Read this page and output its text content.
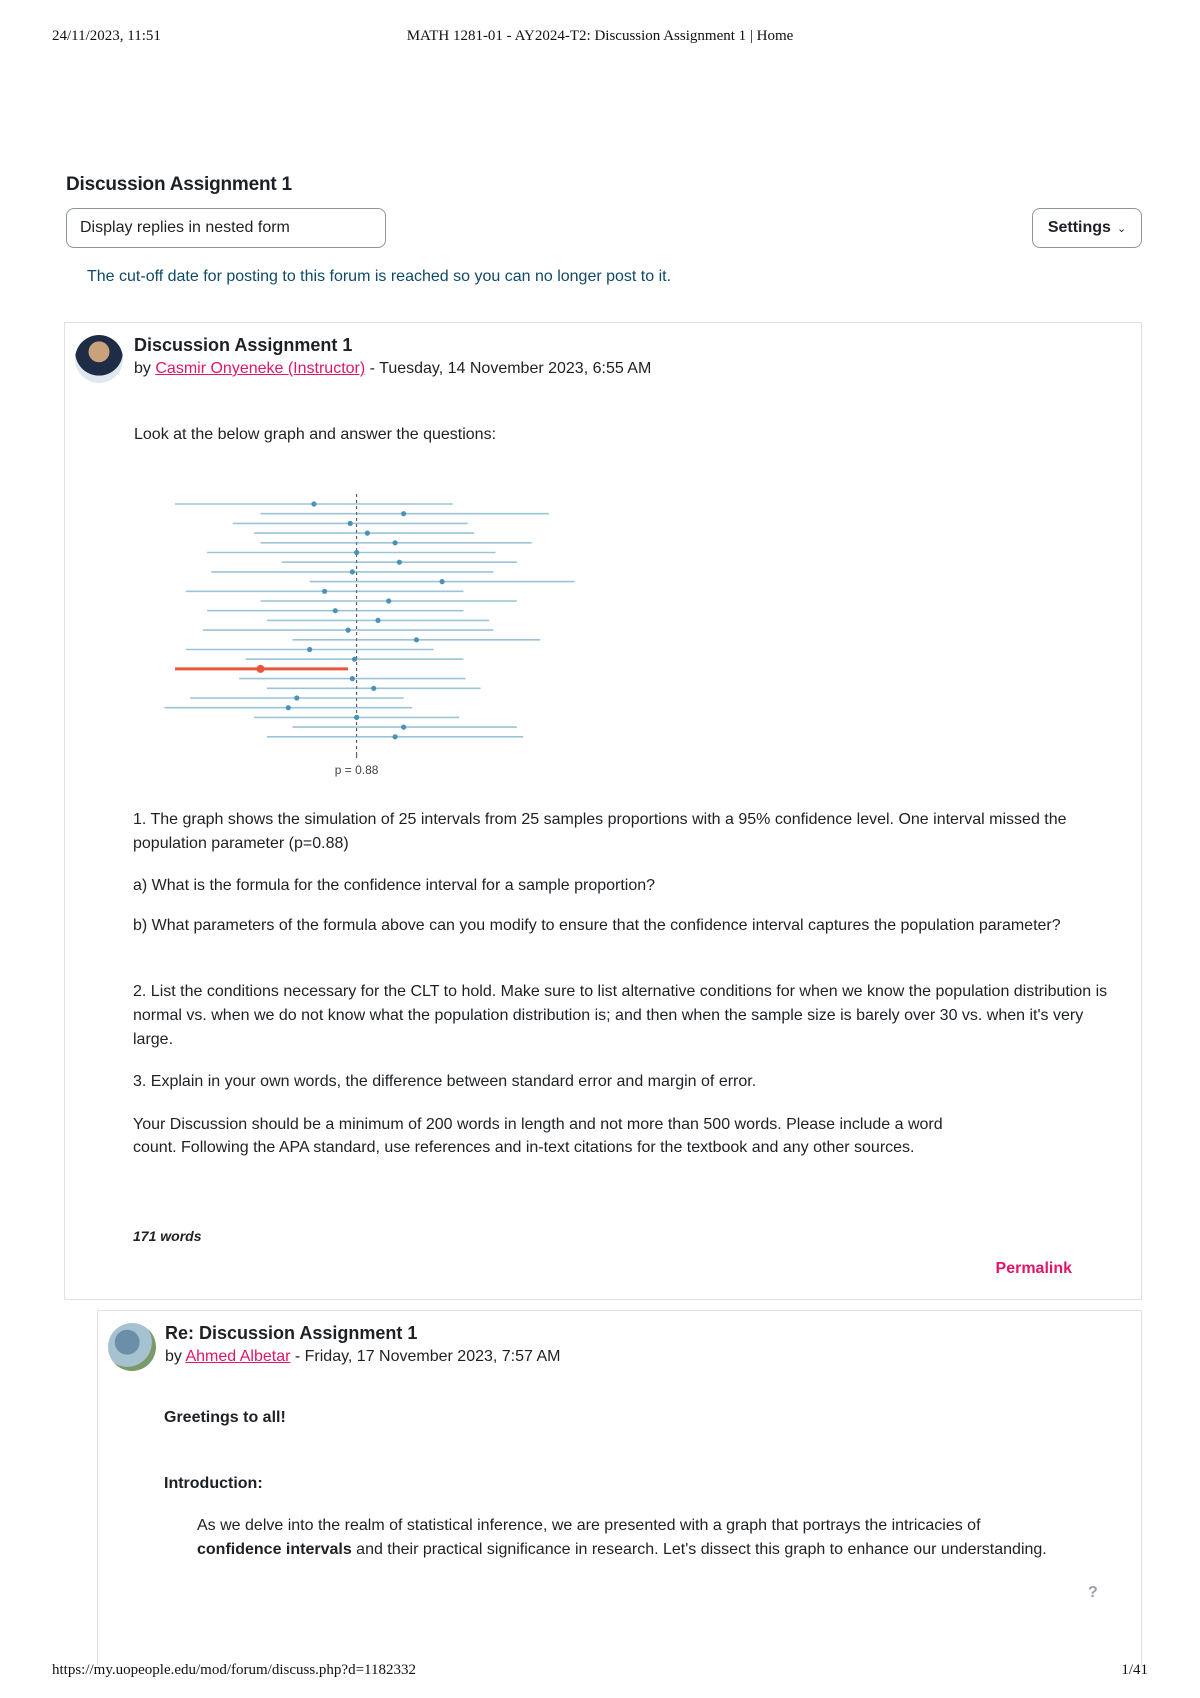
24/11/2023, 11:51	MATH 1281-01 - AY2024-T2: Discussion Assignment 1 | Home
Discussion Assignment 1
Display replies in nested form	Settings ⌄
The cut-off date for posting to this forum is reached so you can no longer post to it.
Discussion Assignment 1
by Casmir Onyeneke (Instructor) - Tuesday, 14 November 2023, 6:55 AM
Look at the below graph and answer the questions:
p = 0.88
1. The graph shows the simulation of 25 intervals from 25 samples proportions with a 95% confidence level. One interval missed the population parameter (p=0.88)
a) What is the formula for the confidence interval for a sample proportion?
b) What parameters of the formula above can you modify to ensure that the confidence interval captures the population parameter?
2. List the conditions necessary for the CLT to hold. Make sure to list alternative conditions for when we know the population distribution is normal vs. when we do not know what the population distribution is; and then when the sample size is barely over 30 vs. when it's very large.
3. Explain in your own words, the difference between standard error and margin of error.
Your Discussion should be a minimum of 200 words in length and not more than 500 words. Please include a word
count. Following the APA standard, use references and in-text citations for the textbook and any other sources.
171 words
Permalink
Re: Discussion Assignment 1
by Ahmed Albetar - Friday, 17 November 2023, 7:57 AM
Greetings to all!
Introduction:
As we delve into the realm of statistical inference, we are presented with a graph that portrays the intricacies of
confidence intervals and their practical significance in research. Let's dissect this graph to enhance our understanding.
?
https://my.uopeople.edu/mod/forum/discuss.php?d=1182332	1/41
